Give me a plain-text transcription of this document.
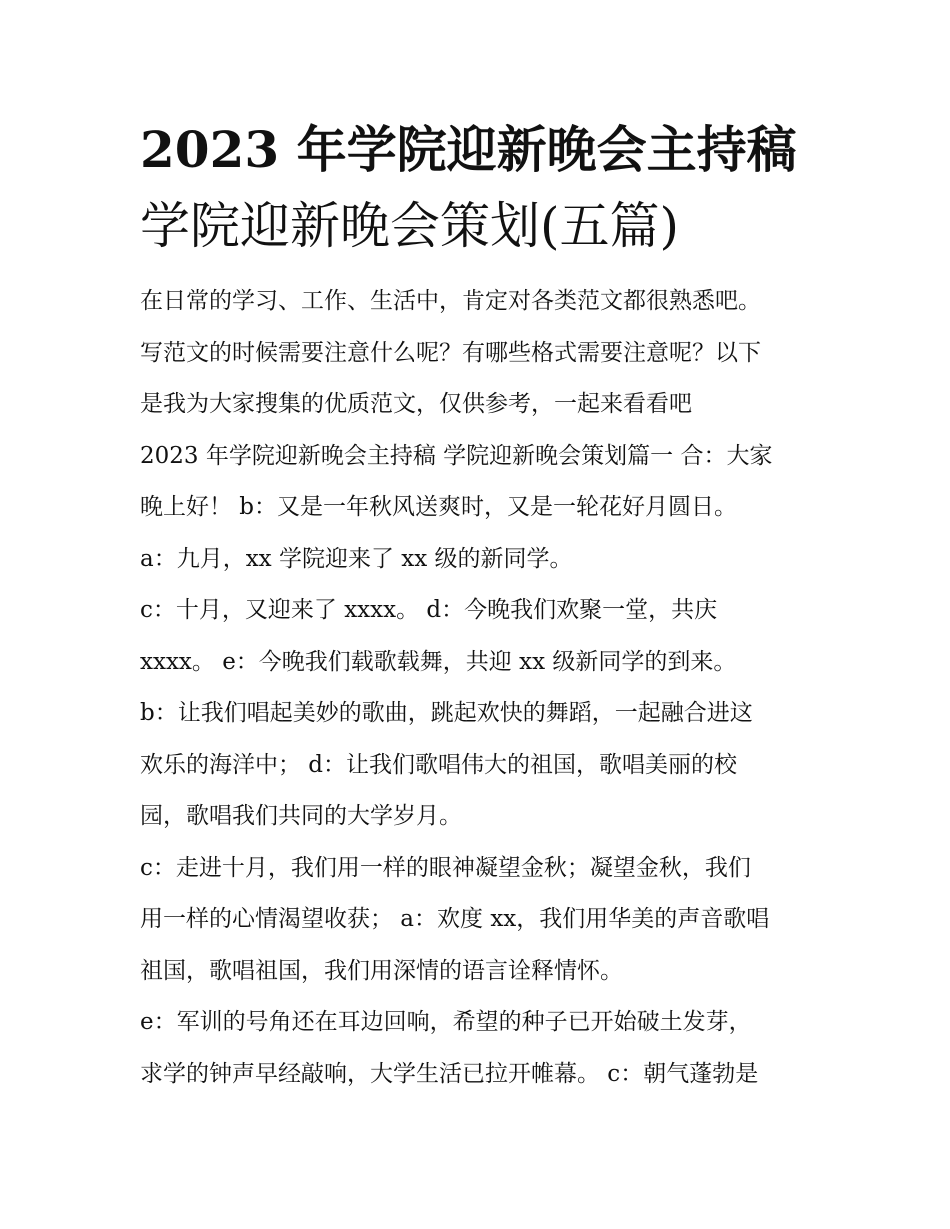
2023 年学院迎新晚会主持稿
学院迎新晚会策划(五篇)
在日常的学习、工作、生活中，肯定对各类范文都很熟悉吧。
写范文的时候需要注意什么呢？有哪些格式需要注意呢？以下
是我为大家搜集的优质范文，仅供参考，一起来看看吧
2023 年学院迎新晚会主持稿 学院迎新晚会策划篇一 合：大家
晚上好！ b：又是一年秋风送爽时，又是一轮花好月圆日。
a：九月，xx 学院迎来了 xx 级的新同学。
c：十月，又迎来了 xxxx。 d：今晚我们欢聚一堂，共庆
xxxx。 e：今晚我们载歌载舞，共迎 xx 级新同学的到来。
b：让我们唱起美妙的歌曲，跳起欢快的舞蹈，一起融合进这
欢乐的海洋中； d：让我们歌唱伟大的祖国，歌唱美丽的校
园，歌唱我们共同的大学岁月。
c：走进十月，我们用一样的眼神凝望金秋；凝望金秋，我们
用一样的心情渴望收获； a：欢度 xx，我们用华美的声音歌唱
祖国，歌唱祖国，我们用深情的语言诠释情怀。
e：军训的号角还在耳边回响，希望的种子已开始破土发芽，
求学的钟声早经敲响，大学生活已拉开帷幕。 c：朝气蓬勃是
